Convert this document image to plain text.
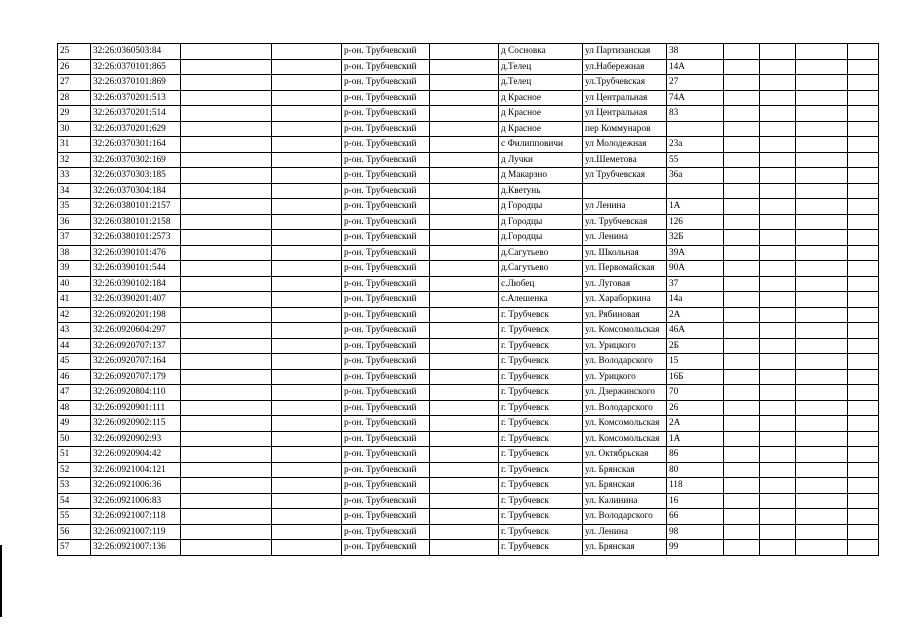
25	32:26:0360503:84			р-он. Трубчевский		д Сосновка	ул Партизанская	38				
26	32:26:0370101:865			р-он. Трубчевский		д.Телец	ул.Набережная	14А				
27	32:26:0370101:869			р-он. Трубчевский		д.Телец	ул.Трубчевская	27				
28	32:26:0370201:513			р-он. Трубчевский		д Красное	ул Центральная	74А				
29	32:26:0370201:514			р-он. Трубчевский		д Красное	ул Центральная	83				
30	32:26:0370201:629			р-он. Трубчевский		д Красное	пер Коммунаров					
31	32:26:0370301:164			р-он. Трубчевский		с Филипповичи	ул Молодежная	23а				
32	32:26:0370302:169			р-он. Трубчевский		д Лучки	ул.Шеметова	55				
33	32:26:0370303:185			р-он. Трубчевский		д Макарзно	ул Трубчевская	36а				
34	32:26:0370304:184			р-он. Трубчевский		д.Кветунь						
35	32:26:0380101:2157			р-он. Трубчевский		д Городцы	ул Ленина	1А				
36	32:26:0380101:2158			р-он. Трубчевский		д Городцы	ул. Трубчевская	126				
37	32:26:0380101:2573			р-он. Трубчевский		д.Городцы	ул. Ленина	32Б				
38	32:26:0390101:476			р-он. Трубчевский		д.Сагутьево	ул. Школьная	39А				
39	32:26:0390101:544			р-он. Трубчевский		д.Сагутьево	ул. Первомайская	90А				
40	32:26:0390102:184			р-он. Трубчевский		с.Любец	ул. Луговая	37				
41	32:26:0390201:407			р-он. Трубчевский		с.Алешенка	ул. Хараборкина	14а				
42	32:26:0920201:198			р-он. Трубчевский		г. Трубчевск	ул. Рябиновая	2А				
43	32:26:0920604:297			р-он. Трубчевский		г. Трубчевск	ул. Комсомольская	46А				
44	32:26:0920707:137			р-он. Трубчевский		г. Трубчевск	ул. Урицкого	2Б				
45	32:26:0920707:164			р-он. Трубчевский		г. Трубчевск	ул. Володарского	15				
46	32:26:0920707:179			р-он. Трубчевский		г. Трубчевск	ул. Урицкого	16Б				
47	32:26:0920804:110			р-он. Трубчевский		г. Трубчевск	ул. Дзержинского	70				
48	32:26:0920901:111			р-он. Трубчевский		г. Трубчевск	ул. Володарского	26				
49	32:26:0920902:115			р-он. Трубчевский		г. Трубчевск	ул. Комсомольская	2А				
50	32:26:0920902:93			р-он. Трубчевский		г. Трубчевск	ул. Комсомольская	1А				
51	32:26:0920904:42			р-он. Трубчевский		г. Трубчевск	ул. Октябрьская	86				
52	32:26:0921004:121			р-он. Трубчевский		г. Трубчевск	ул. Брянская	80				
53	32:26:0921006:36			р-он. Трубчевский		г. Трубчевск	ул. Брянская	118				
54	32:26:0921006:83			р-он. Трубчевский		г. Трубчевск	ул. Калинина	16				
55	32:26:0921007:118			р-он. Трубчевский		г. Трубчевск	ул. Володарского	66				
56	32:26:0921007:119			р-он. Трубчевский		г. Трубчевск	ул. Ленина	98				
57	32:26:0921007:136			р-он. Трубчевский		г. Трубчевск	ул. Брянская	99				
